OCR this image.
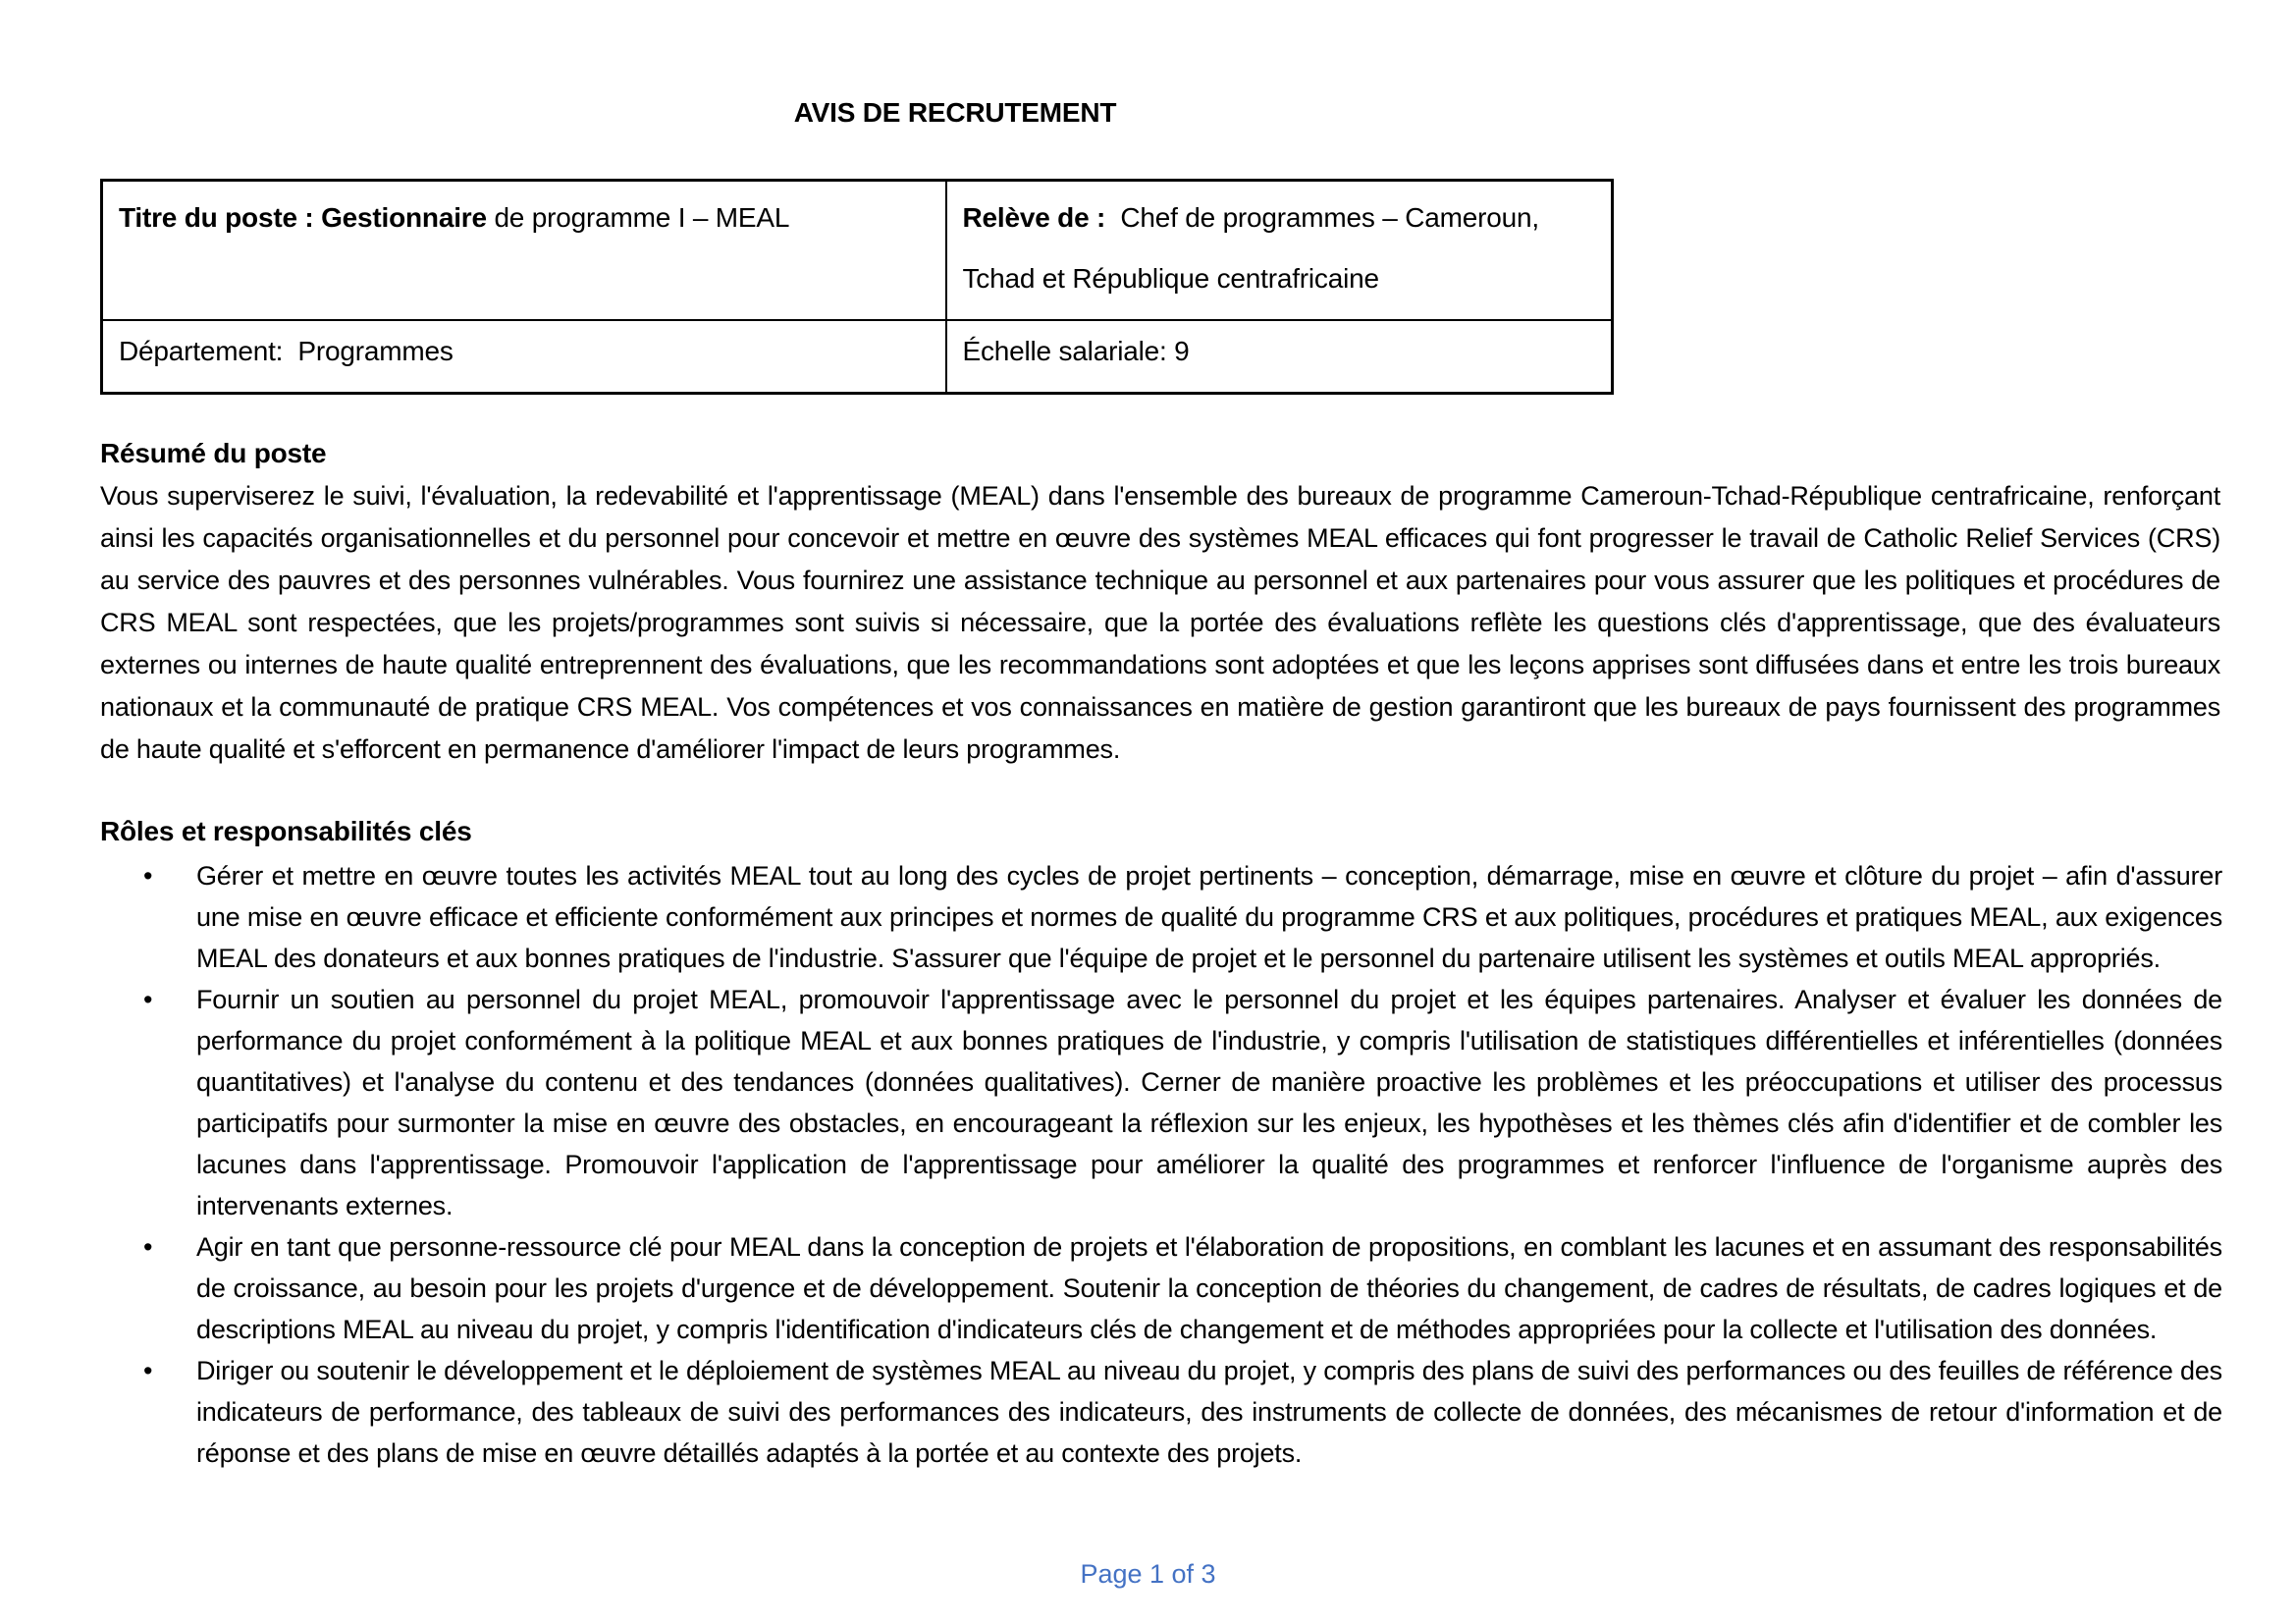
AVIS DE RECRUTEMENT
Titre du poste : Gestionnaire de programme I – MEAL	Relève de :  Chef de programmes – Cameroun, Tchad et République centrafricaine
Département:  Programmes	Échelle salariale: 9
Résumé du poste

Vous superviserez le suivi, l'évaluation, la redevabilité et l'apprentissage (MEAL) dans l'ensemble des bureaux de programme Cameroun-Tchad-République centrafricaine, renforçant ainsi les capacités organisationnelles et du personnel pour concevoir et mettre en œuvre des systèmes MEAL efficaces qui font progresser le travail de Catholic Relief Services (CRS) au service des pauvres et des personnes vulnérables. Vous fournirez une assistance technique au personnel et aux partenaires pour vous assurer que les politiques et procédures de CRS MEAL sont respectées, que les projets/programmes sont suivis si nécessaire, que la portée des évaluations reflète les questions clés d'apprentissage, que des évaluateurs externes ou internes de haute qualité entreprennent des évaluations, que les recommandations sont adoptées et que les leçons apprises sont diffusées dans et entre les trois bureaux nationaux et la communauté de pratique CRS MEAL. Vos compétences et vos connaissances en matière de gestion garantiront que les bureaux de pays fournissent des programmes de haute qualité et s'efforcent en permanence d'améliorer l'impact de leurs programmes.

Rôles et responsabilités clés
• Gérer et mettre en œuvre toutes les activités MEAL tout au long des cycles de projet pertinents – conception, démarrage, mise en œuvre et clôture du projet – afin d'assurer une mise en œuvre efficace et efficiente conformément aux principes et normes de qualité du programme CRS et aux politiques, procédures et pratiques MEAL, aux exigences MEAL des donateurs et aux bonnes pratiques de l'industrie. S'assurer que l'équipe de projet et le personnel du partenaire utilisent les systèmes et outils MEAL appropriés.
• Fournir un soutien au personnel du projet MEAL, promouvoir l'apprentissage avec le personnel du projet et les équipes partenaires. Analyser et évaluer les données de performance du projet conformément à la politique MEAL et aux bonnes pratiques de l'industrie, y compris l'utilisation de statistiques différentielles et inférentielles (données quantitatives) et l'analyse du contenu et des tendances (données qualitatives). Cerner de manière proactive les problèmes et les préoccupations et utiliser des processus participatifs pour surmonter la mise en œuvre des obstacles, en encourageant la réflexion sur les enjeux, les hypothèses et les thèmes clés afin d'identifier et de combler les lacunes dans l'apprentissage. Promouvoir l'application de l'apprentissage pour améliorer la qualité des programmes et renforcer l'influence de l'organisme auprès des intervenants externes.
• Agir en tant que personne-ressource clé pour MEAL dans la conception de projets et l'élaboration de propositions, en comblant les lacunes et en assumant des responsabilités de croissance, au besoin pour les projets d'urgence et de développement. Soutenir la conception de théories du changement, de cadres de résultats, de cadres logiques et de descriptions MEAL au niveau du projet, y compris l'identification d'indicateurs clés de changement et de méthodes appropriées pour la collecte et l'utilisation des données.
• Diriger ou soutenir le développement et le déploiement de systèmes MEAL au niveau du projet, y compris des plans de suivi des performances ou des feuilles de référence des indicateurs de performance, des tableaux de suivi des performances des indicateurs, des instruments de collecte de données, des mécanismes de retour d'information et de réponse et des plans de mise en œuvre détaillés adaptés à la portée et au contexte des projets.
Page 1 of 3
